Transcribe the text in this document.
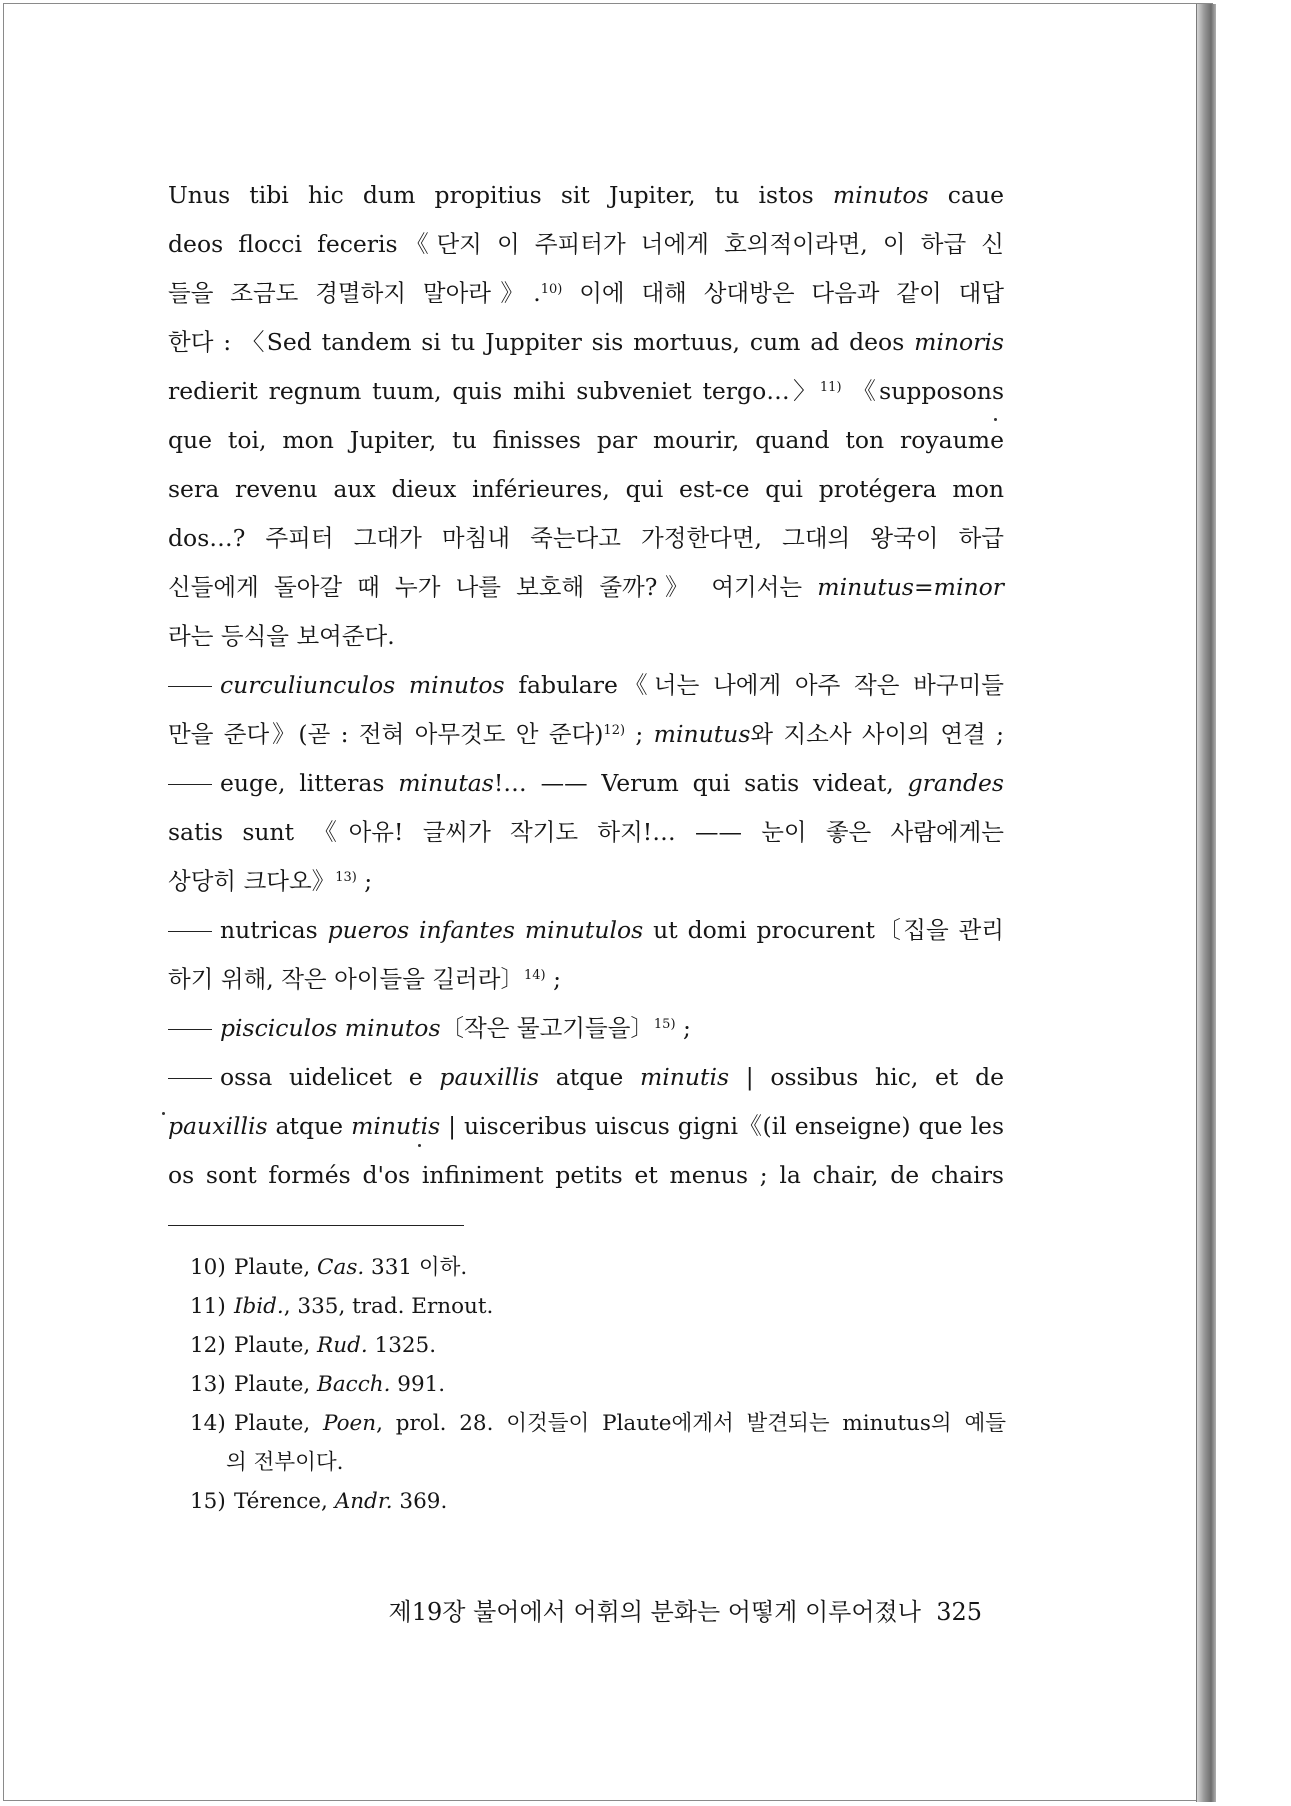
Unus tibi hic dum propitius sit Jupiter, tu istos minutos caue
deos flocci feceris《단지 이 주피터가 너에게 호의적이라면, 이 하급 신
들을 조금도 경멸하지 말아라》.$^{10)}$ 이에 대해 상대방은 다음과 같이 대답
한다 : 〈Sed tandem si tu Juppiter sis mortuus, cum ad deos minoris
redierit regnum tuum, quis mihi subveniet tergo…〉$^{11)}$ 《supposons
que toi, mon Jupiter, tu finisses par mourir, quand ton royaume
sera revenu aux dieux inférieures, qui est-ce qui protégera mon
dos…? 주피터 그대가 마침내 죽는다고 가정한다면, 그대의 왕국이 하급
신들에게 돌아갈 때 누가 나를 보호해 줄까?》 여기서는 minutus=minor
라는 등식을 보여준다.
curculiunculos minutos fabulare《너는 나에게 아주 작은 바구미들
만을 준다》(곧 : 전혀 아무것도 안 준다)$^{12)}$ ; minutus와 지소사 사이의 연결 ;
euge, litteras minutas!… —— Verum qui satis videat, grandes
satis sunt 《아유! 글씨가 작기도 하지!… —— 눈이 좋은 사람에게는
상당히 크다오》$^{13)}$ ;
nutricas pueros infantes minutulos ut domi procurent〔집을 관리
하기 위해, 작은 아이들을 길러라〕$^{14)}$ ;
pisciculos minutos〔작은 물고기들을〕$^{15)}$ ;
ossa uidelicet e pauxillis atque minutis | ossibus hic, et de
pauxillis atque minutis | uisceribus uiscus gigni《(il enseigne) que les
os sont formés d'os infiniment petits et menus ; la chair, de chairs
10) Plaute, Cas. 331 이하.
11) Ibid., 335, trad. Ernout.
12) Plaute, Rud. 1325.
13) Plaute, Bacch. 991.
14) Plaute, Poen, prol. 28. 이것들이 Plaute에게서 발견되는 minutus의 예들
의 전부이다.
15) Térence, Andr. 369.
제19장 불어에서 어휘의 분화는 어떻게 이루어졌나 325
